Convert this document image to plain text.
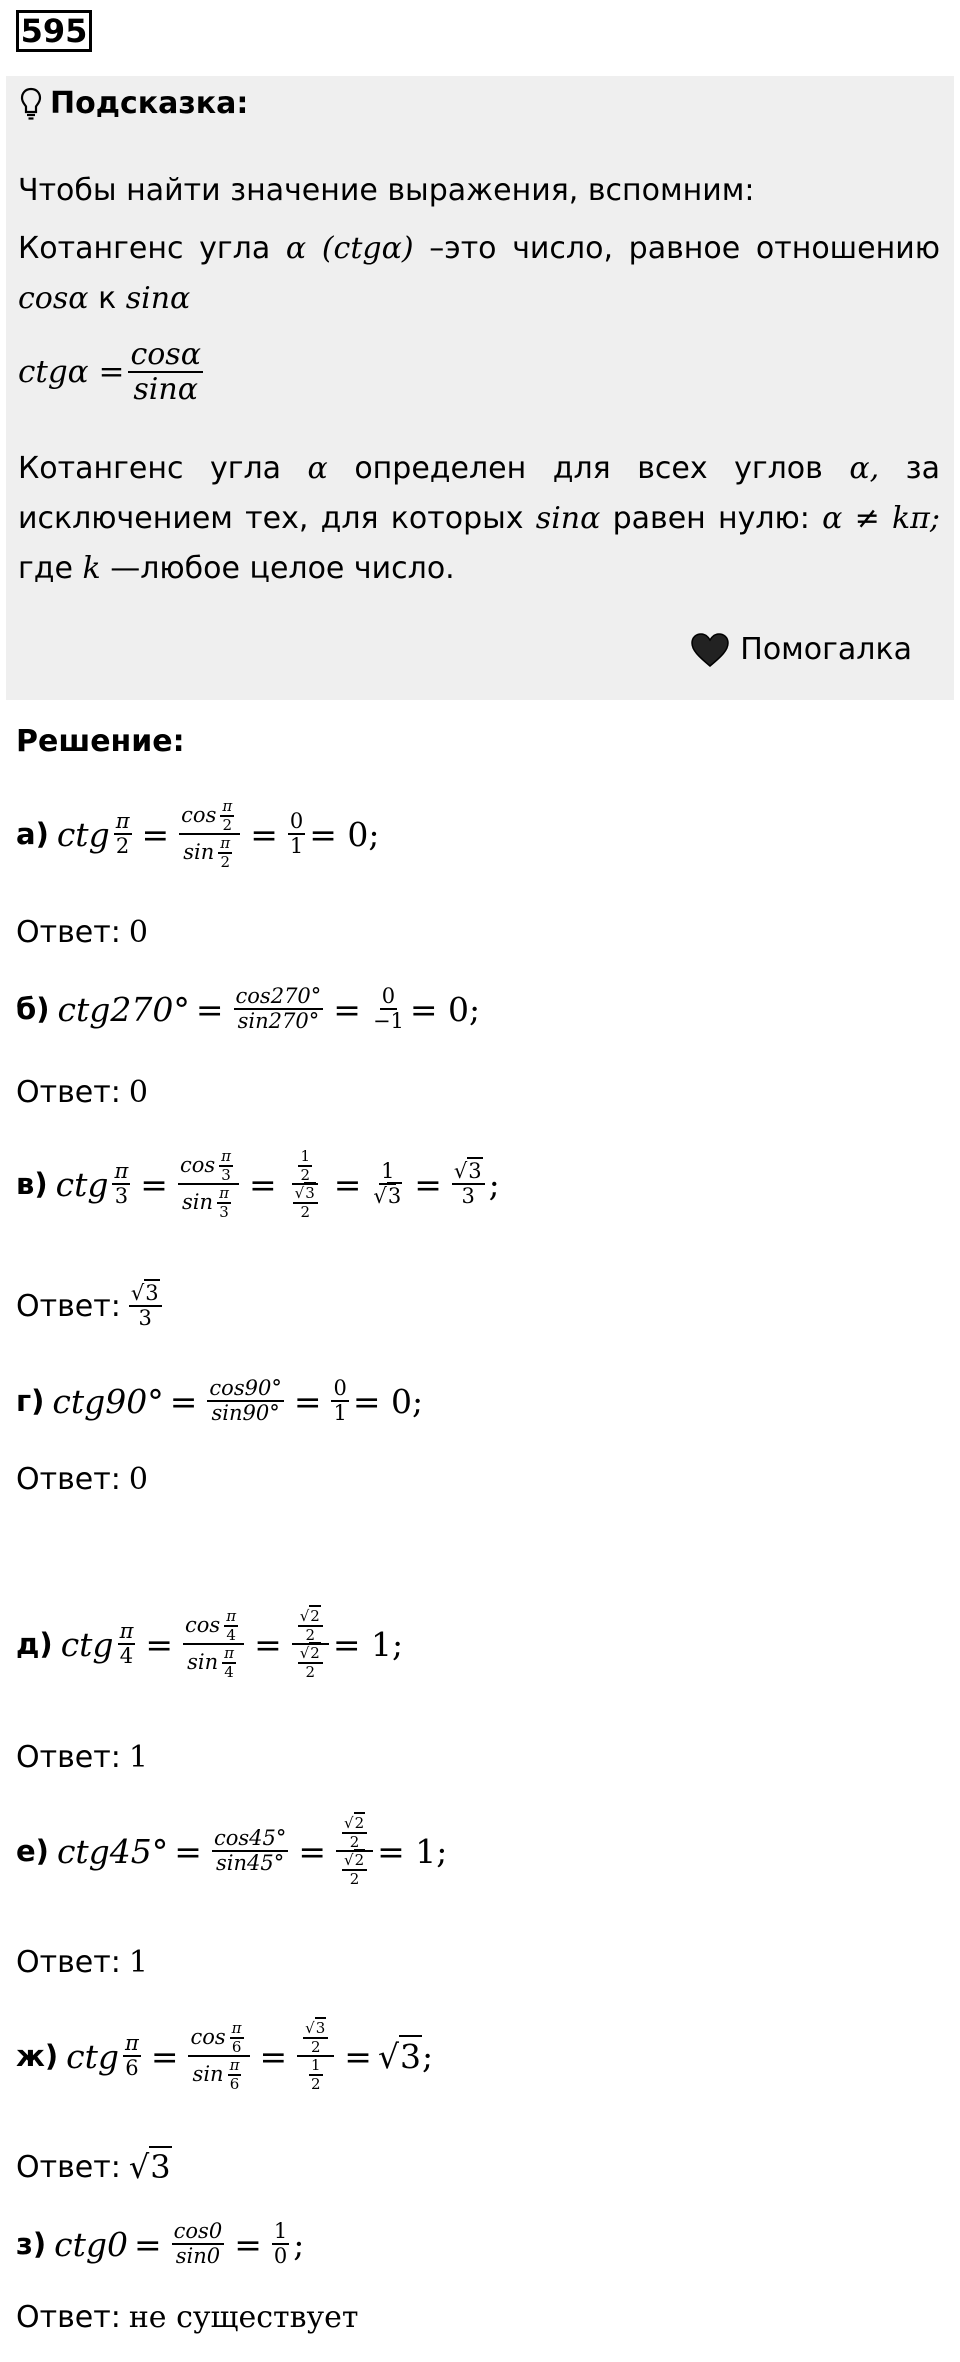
595
Подсказка:
Чтобы найти значение выражения, вспомним:
Котангенс угла α (ctgα) –это число, равное отношению
cosα к sinα
$ctg\alpha = \frac{\cos\alpha}{\sin\alpha}$
Котангенс угла α определен для всех углов α, за
исключением тех, для которых sinα равен нулю: α ≠ kπ;
где k —любое целое число.
Помогалка
Решение:
а) ctg $\frac{\pi}{2} = \frac{\cos \frac{\pi}{2}}{\sin \frac{\pi}{2}} = \frac{0}{1} = 0$;
Ответ: 0
б) $ctg270^\circ = \frac{\cos 270^\circ}{\sin 270^\circ} = \frac{0}{-1} = 0$;
Ответ: 0
в) ctg $\frac{\pi}{3} = \frac{\cos \frac{\pi}{3}}{\sin \frac{\pi}{3}} = \frac{\frac{1}{2}}{\frac{√3}{2}} = \frac{1}{√3} = \frac{√3}{3}$ ;
Ответ: $\frac{√3}{3}$
г) $ctg90^\circ = \frac{\cos 90^\circ}{\sin 90^\circ} = \frac{0}{1} = 0$;
Ответ: 0
д) ctg $\frac{\pi}{4} = \frac{\cos \frac{\pi}{4}}{\sin \frac{\pi}{4}} = \frac{\frac{√2}{2}}{\frac{√2}{2}} = 1$;
Ответ: 1
е) $ctg45^\circ = \frac{\cos 45^\circ}{\sin 45^\circ} = \frac{\frac{√2}{2}}{\frac{√2}{2}} = 1$;
Ответ: 1
ж) ctg $\frac{\pi}{6} = \frac{\cos \frac{\pi}{6}}{\sin \frac{\pi}{6}} = \frac{\frac{√3}{2}}{\frac{1}{2}} = √3$ ;
Ответ: √3
з) $ctg0 = \frac{\cos 0}{\sin 0} = \frac{1}{0}$ ;
Ответ: не существует
